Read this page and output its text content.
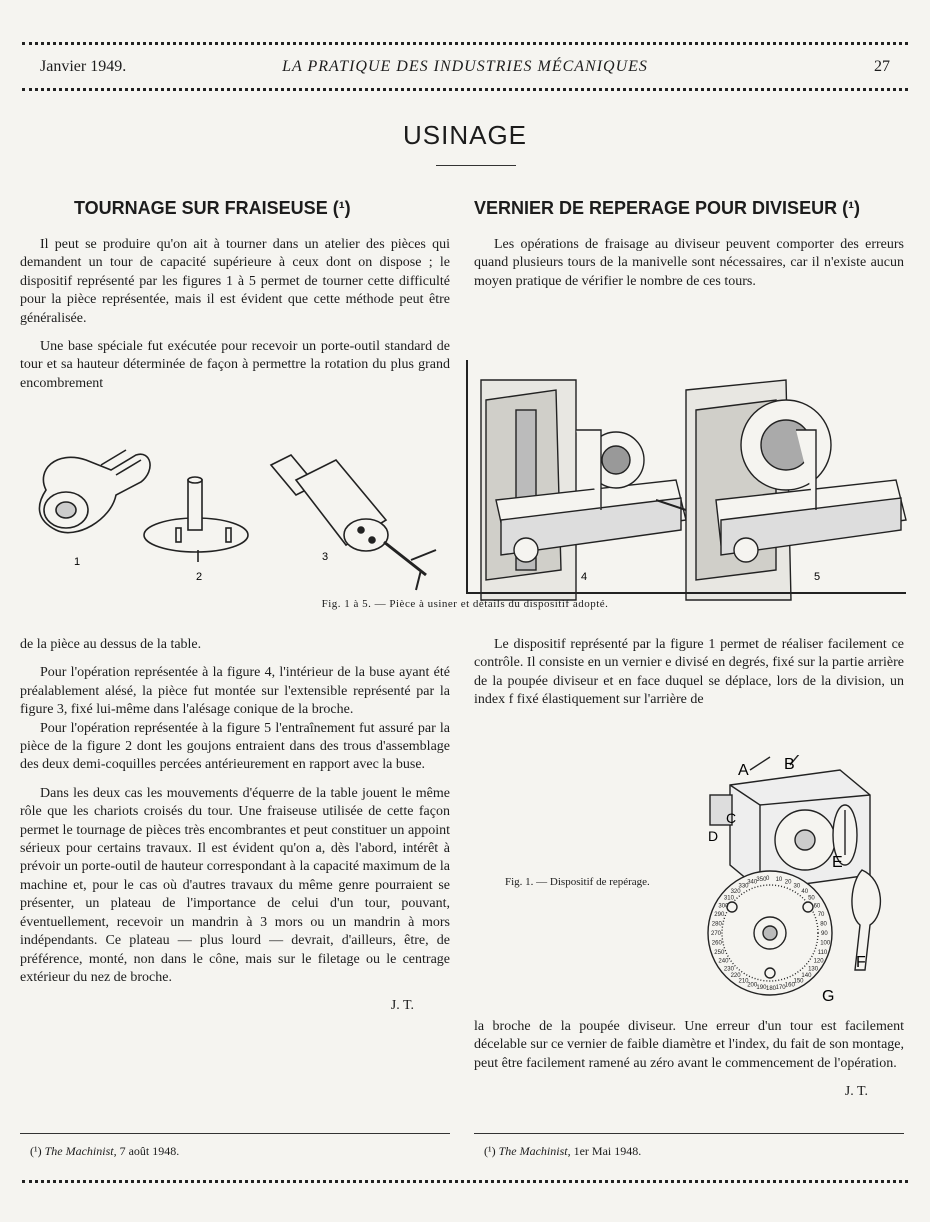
Janvier 1949.	LA PRATIQUE DES INDUSTRIES MÉCANIQUES	27
USINAGE
TOURNAGE SUR FRAISEUSE (¹)	VERNIER DE REPERAGE POUR DIVISEUR (¹)

Il peut se produire qu'on ait à tourner dans un atelier des pièces qui demandent un tour de capacité supérieure à ceux dont on dispose ; le dispositif représenté par les figures 1 à 5 permet de tourner cette difficulté pour la pièce représentée, mais il est évident que cette méthode peut être généralisée.

Une base spéciale fut exécutée pour recevoir un porte-outil standard de tour et sa hauteur déterminée de façon à permettre la rotation du plus grand encombrement

Les opérations de fraisage au diviseur peuvent comporter des erreurs quand plusieurs tours de la manivelle sont nécessaires, car il n'existe aucun moyen pratique de vérifier le nombre de ces tours.

1
2
3
4	5
Fig. 1 à 5. — Pièce à usiner et détails du dispositif adopté.

de la pièce au dessus de la table.

Pour l'opération représentée à la figure 4, l'intérieur de la buse ayant été préalablement alésé, la pièce fut montée sur l'extensible représenté par la figure 3, fixé lui-même dans l'alésage conique de la broche.

Pour l'opération représentée à la figure 5 l'entraînement fut assuré par la pièce de la figure 2 dont les goujons entraient dans des trous d'assemblage des deux demi-coquilles percées antérieurement en rapport avec la buse.

Dans les deux cas les mouvements d'équerre de la table jouent le même rôle que les chariots croisés du tour. Une fraiseuse utilisée de cette façon permet le tournage de pièces très encombrantes et peut constituer un appoint sérieux pour certains travaux. Il est évident qu'on a, dès l'abord, intérêt à prévoir un porte-outil de hauteur correspondant à la capacité maximum de la machine et, pour le cas où d'autres travaux du même genre pourraient se présenter, un plateau de l'importance de celui d'un tour, pouvant, éventuellement, recevoir un mandrin à 3 mors ou un mandrin à mors indépendants. Ce plateau — plus lourd — devrait, d'ailleurs, être, de préférence, monté, non dans le cône, mais sur le filetage ou le centrage extérieur du nez de broche.

J. T.

Le dispositif représenté par la figure 1 permet de réaliser facilement ce contrôle. Il consiste en un vernier e divisé en degrés, fixé sur la partie arrière de la poupée diviseur et en face duquel se déplace, lors de la division, un index f fixé élastiquement sur l'arrière de

A B
C
D
E
F
G
0 10 20
30
40
50
60
70
80
90
100
110
120
130
140
150
160
170
180
190
200
210
220
230
240
250
260
270
280
290
300
310
320
330
340 350
Fig. 1. — Dispositif de repérage.

la broche de la poupée diviseur. Une erreur d'un tour est facilement décelable sur ce vernier de faible diamètre et l'index, du fait de son montage, peut être facilement ramené au zéro avant le commencement de l'opération.

J. T.

(¹) The Machinist, 7 août 1948.	(¹) The Machinist, 1er Mai 1948.
